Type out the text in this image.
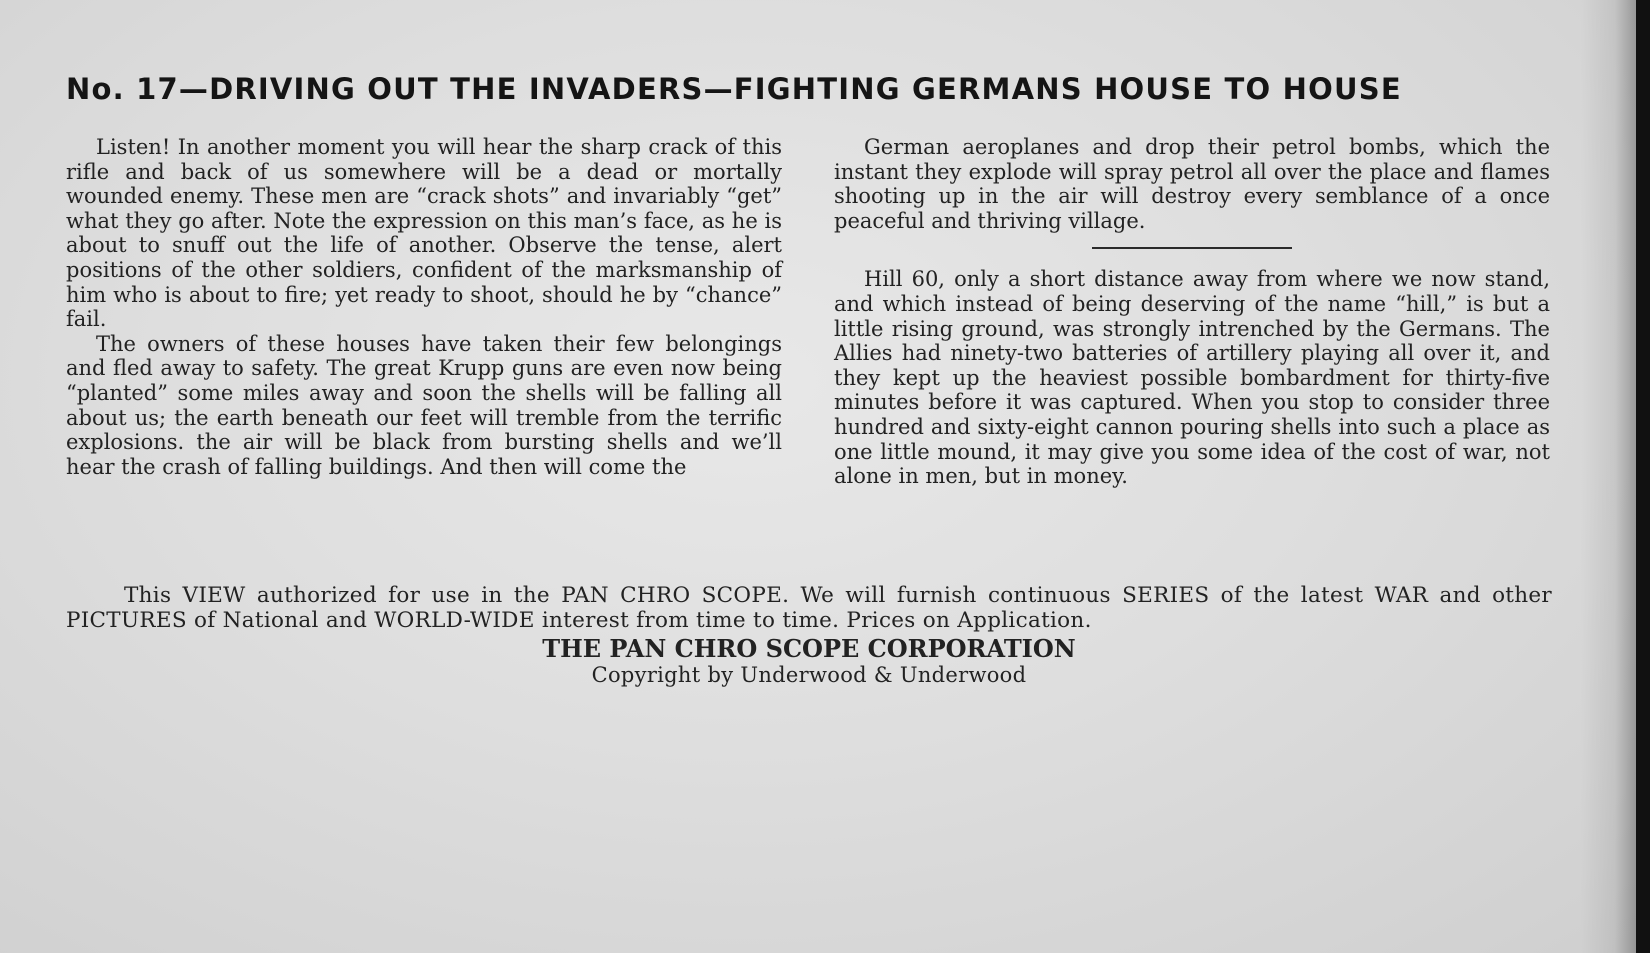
No. 17—DRIVING OUT THE INVADERS—FIGHTING GERMANS HOUSE TO HOUSE

Listen! In another moment you will hear the sharp crack of this rifle and back of us somewhere will be a dead or mortally wounded enemy. These men are “crack shots” and invariably “get” what they go after. Note the expression on this man’s face, as he is about to snuff out the life of another. Observe the tense, alert positions of the other soldiers, confident of the marksmanship of him who is about to fire; yet ready to shoot, should he by “chance” fail.

The owners of these houses have taken their few belongings and fled away to safety. The great Krupp guns are even now being “planted” some miles away and soon the shells will be falling all about us; the earth beneath our feet will tremble from the terrific explosions. the air will be black from bursting shells and we’ll hear the crash of falling buildings. And then will come the

German aeroplanes and drop their petrol bombs, which the instant they explode will spray petrol all over the place and flames shooting up in the air will destroy every semblance of a once peaceful and thriving village.

Hill 60, only a short distance away from where we now stand, and which instead of being deserving of the name “hill,” is but a little rising ground, was strongly intrenched by the Germans. The Allies had ninety-two batteries of artillery playing all over it, and they kept up the heaviest possible bombardment for thirty-five minutes before it was captured. When you stop to consider three hundred and sixty-eight cannon pouring shells into such a place as one little mound, it may give you some idea of the cost of war, not alone in men, but in money.

This VIEW authorized for use in the PAN CHRO SCOPE. We will furnish continuous SERIES of the latest WAR and other PICTURES of National and WORLD-WIDE interest from time to time. Prices on Application.

THE PAN CHRO SCOPE CORPORATION

Copyright by Underwood & Underwood
